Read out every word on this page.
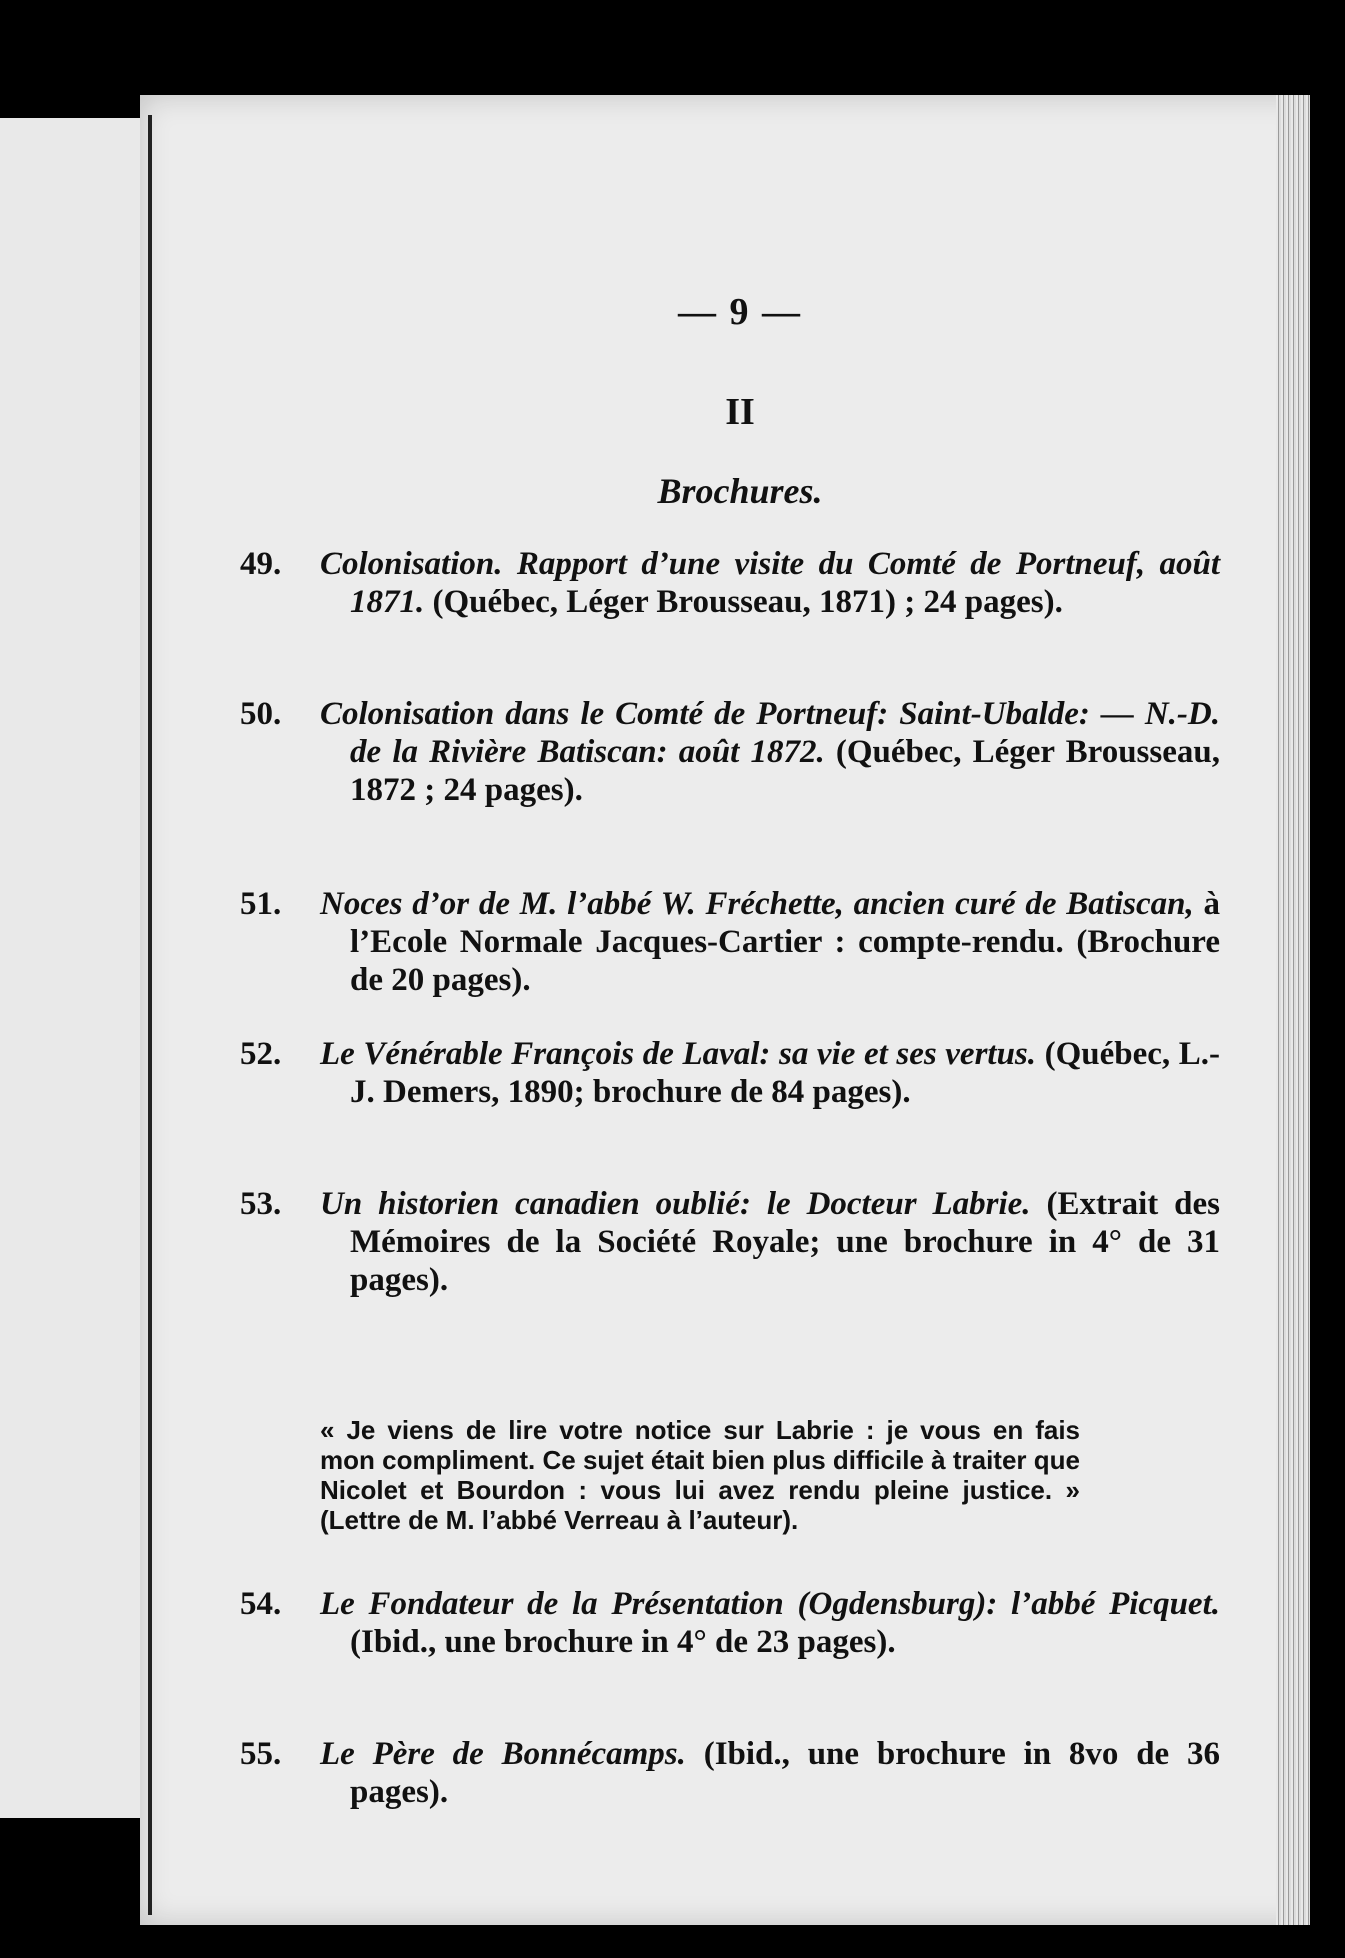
— 9 —
II
Brochures.
49.	Colonisation. Rapport d’une visite du Comté de Portneuf, août 1871. (Québec, Léger Brousseau, 1871) ; 24 pages).
50.	Colonisation dans le Comté de Portneuf: Saint-Ubalde: — N.-D. de la Rivière Batiscan: août 1872. (Québec, Léger Brousseau, 1872 ; 24 pages).
51.	Noces d’or de M. l’abbé W. Fréchette, ancien curé de Batiscan, à l’Ecole Normale Jacques-Cartier : compte-rendu. (Brochure de 20 pages).
52.	Le Vénérable François de Laval: sa vie et ses vertus. (Québec, L.-J. Demers, 1890; brochure de 84 pages).
53.	Un historien canadien oublié: le Docteur Labrie. (Extrait des Mémoires de la Société Royale; une brochure in 4° de 31 pages).
« Je viens de lire votre notice sur Labrie : je vous en fais mon compliment. Ce sujet était bien plus difficile à traiter que Nicolet et Bourdon : vous lui avez rendu pleine justice. » (Lettre de M. l’abbé Verreau à l’auteur).
54.	Le Fondateur de la Présentation (Ogdensburg): l’abbé Picquet. (Ibid., une brochure in 4° de 23 pages).
55.	Le Père de Bonnécamps. (Ibid., une brochure in 8vo de 36 pages).
